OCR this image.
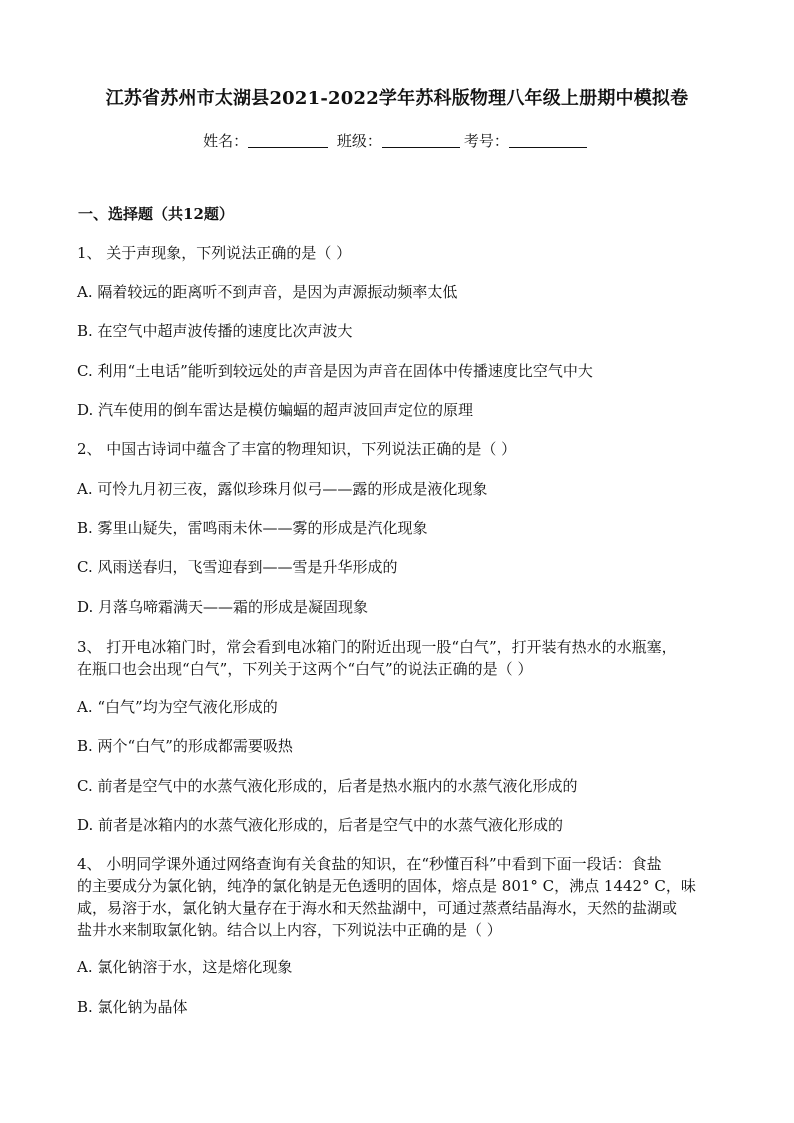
江苏省苏州市太湖县2021-2022学年苏科版物理八年级上册期中模拟卷
姓名：	班级：	考号：
一、选择题（共12题）
1、 关于声现象，下列说法正确的是（ ）
A. 隔着较远的距离听不到声音，是因为声源振动频率太低
B. 在空气中超声波传播的速度比次声波大
C. 利用“土电话”能听到较远处的声音是因为声音在固体中传播速度比空气中大
D. 汽车使用的倒车雷达是模仿蝙蝠的超声波回声定位的原理
2、 中国古诗词中蕴含了丰富的物理知识，下列说法正确的是（ ）
A. 可怜九月初三夜，露似珍珠月似弓——露的形成是液化现象
B. 雾里山疑失，雷鸣雨未休——雾的形成是汽化现象
C. 风雨送春归，飞雪迎春到——雪是升华形成的
D. 月落乌啼霜满天——霜的形成是凝固现象
3、 打开电冰箱门时，常会看到电冰箱门的附近出现一股“白气”，打开装有热水的水瓶塞，
在瓶口也会出现“白气”，下列关于这两个“白气”的说法正确的是（ ）
A. “白气”均为空气液化形成的
B. 两个“白气”的形成都需要吸热
C. 前者是空气中的水蒸气液化形成的，后者是热水瓶内的水蒸气液化形成的
D. 前者是冰箱内的水蒸气液化形成的，后者是空气中的水蒸气液化形成的
4、 小明同学课外通过网络查询有关食盐的知识，在“秒懂百科”中看到下面一段话：食盐
的主要成分为氯化钠，纯净的氯化钠是无色透明的固体，熔点是 801° C，沸点 1442° C，味
咸，易溶于水，氯化钠大量存在于海水和天然盐湖中，可通过蒸煮结晶海水，天然的盐湖或
盐井水来制取氯化钠。结合以上内容，下列说法中正确的是（ ）
A. 氯化钠溶于水，这是熔化现象
B. 氯化钠为晶体
